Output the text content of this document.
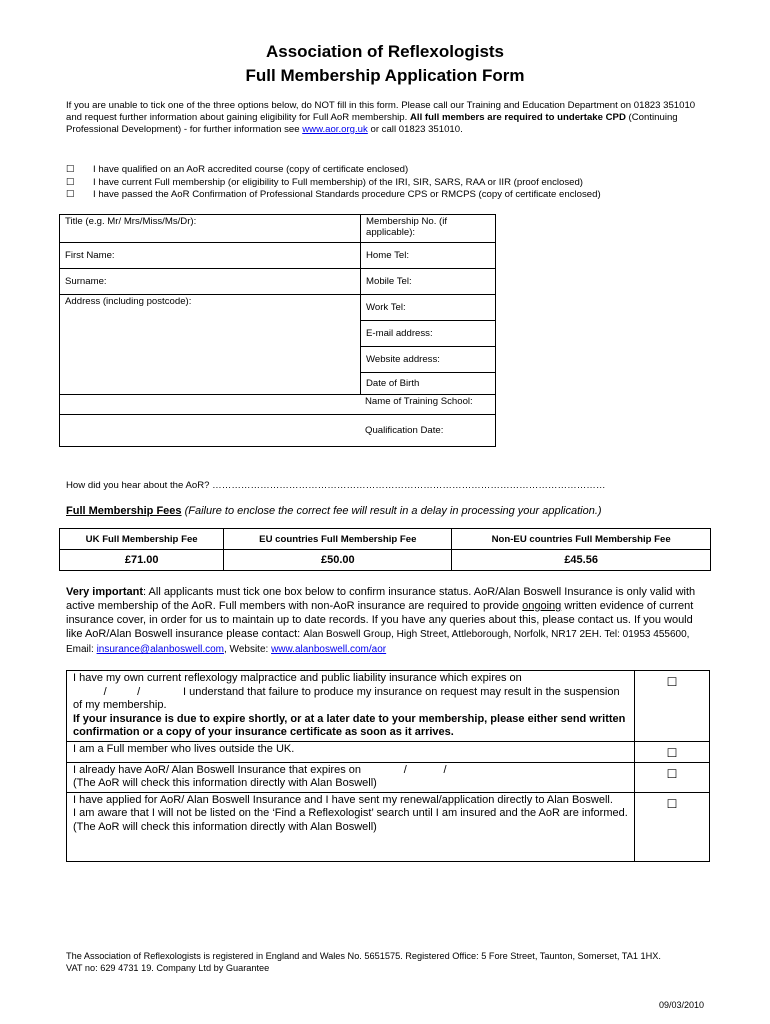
Association of Reflexologists
Full Membership Application Form
If you are unable to tick one of the three options below, do NOT fill in this form. Please call our Training and Education Department on 01823 351010 and request further information about gaining eligibility for Full AoR membership. All full members are required to undertake CPD (Continuing Professional Development) - for further information see www.aor.org.uk or call 01823 351010.
☐	I have qualified on an AoR accredited course (copy of certificate enclosed)
☐	I have current Full membership (or eligibility to Full membership) of the IRI, SIR, SARS, RAA or IIR (proof enclosed)
☐	I have passed the AoR Confirmation of Professional Standards procedure CPS or RMCPS (copy of certificate enclosed)
Title (e.g. Mr/ Mrs/Miss/Ms/Dr):	Membership No. (if applicable):
First Name:	Home Tel:
Surname:	Mobile Tel:
Address (including postcode):	Work Tel:
	E-mail address:
	Website address:
	Date of Birth
Name of Training School:	
Qualification Date:	
How did you hear about the AoR? ……………………………………………………………………………………………………………
Full Membership Fees (Failure to enclose the correct fee will result in a delay in processing your application.)
UK Full Membership Fee	EU countries Full Membership Fee	Non-EU countries Full Membership Fee
£71.00	£50.00	£45.56
Very important: All applicants must tick one box below to confirm insurance status. AoR/Alan Boswell Insurance is only valid with active membership of the AoR. Full members with non-AoR insurance are required to provide ongoing written evidence of current insurance cover, in order for us to maintain up to date records. If you have any queries about this, please contact us. If you would like AoR/Alan Boswell insurance please contact: Alan Boswell Group, High Street, Attleborough, Norfolk, NR17 2EH. Tel: 01953 455600, Email: insurance@alanboswell.com, Website: www.alanboswell.com/aor
I have my own current reflexology malpractice and public liability insurance which expires on
/          /              I understand that failure to produce my insurance on request may result in the suspension of my membership.
If your insurance is due to expire shortly, or at a later date to your membership, please either send written confirmation or a copy of your insurance certificate as soon as it arrives.	☐
I am a Full member who lives outside the UK.	☐
I already have AoR/ Alan Boswell Insurance that expires on              /            /
(The AoR will check this information directly with Alan Boswell)	☐
I have applied for AoR/ Alan Boswell Insurance and I have sent my renewal/application directly to Alan Boswell.
I am aware that I will not be listed on the ‘Find a Reflexologist’ search until I am insured and the AoR are informed.(The AoR will check this information directly with Alan Boswell)	☐
The Association of Reflexologists is registered in England and Wales No. 5651575. Registered Office: 5 Fore Street, Taunton, Somerset, TA1 1HX.
VAT no: 629 4731 19. Company Ltd by Guarantee
09/03/2010
